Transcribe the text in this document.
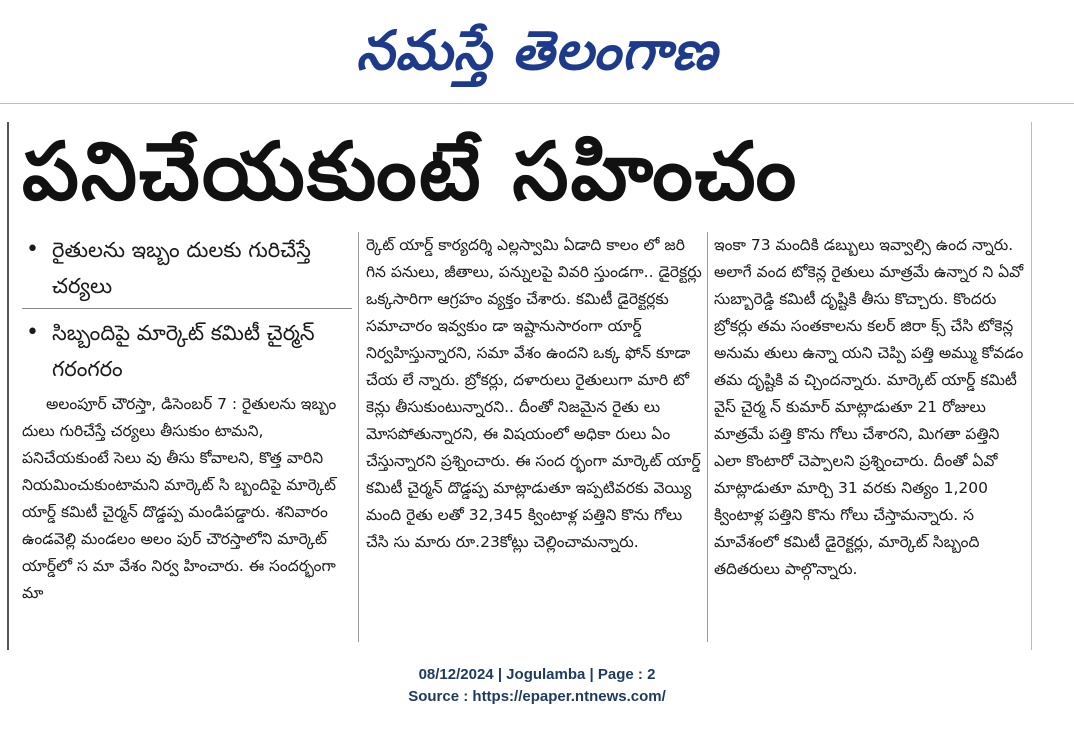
నమస్తే తెలంగాణ
పనిచేయకుంటే సహించం
• రైతులను ఇబ్బం దులకు గురిచేస్తే చర్యలు
• సిబ్బందిపై మార్కెట్ కమిటీ చైర్మన్ గరంగరం
అలంపూర్ చౌరస్తా, డిసెంబర్ 7 : రైతులను ఇబ్బం దులు గురిచేస్తే చర్యలు తీసుకుం టామని, పనిచేయకుంటే సెలు వు తీసు కోవాలని, కొత్త వారిని నియమించుకుంటామని మార్కెట్ సి బ్బందిపై మార్కెట్ యార్డ్ కమిటీ చైర్మన్ దొడ్డప్ప మండిపడ్డారు. శనివారం ఉండవెల్లి మండలం అలం పుర్ చౌరస్తాలోని మార్కెట్ యార్డ్‌లో స మా వేశం నిర్వ హించారు. ఈ సందర్భంగా మా
ర్కెట్ యార్డ్ కార్యదర్శి ఎల్లస్వామి ఏడాది కాలం లో జరి గిన పనులు, జీతాలు, పన్నులపై వివరి స్తుండగా.. డైరెక్టర్లు ఒక్కసారిగా ఆగ్రహం వ్యక్తం చేశారు. కమిటీ డైరెక్టర్లకు సమాచారం ఇవ్వకుం డా ఇష్టానుసారంగా యార్డ్ నిర్వహిస్తున్నారని, సమా వేశం ఉందని ఒక్క ఫోన్ కూడా చేయ లే న్నారు. బ్రోకర్లు, దళారులు రైతులుగా మారి టో కెన్లు తీసుకుంటున్నారని.. దీంతో నిజమైన రైతు లు మోసపోతున్నారని, ఈ విషయంలో అధికా రులు ఏం చేస్తున్నారని ప్రశ్నించారు. ఈ సంద ర్భంగా మార్కెట్ యార్డ్ కమిటీ చైర్మన్ దొడ్డప్ప మాట్లాడుతూ ఇప్పటివరకు వెయ్యి మంది రైతు లతో 32,345 క్వింటాళ్ల పత్తిని కొను గోలు చేసి సు మారు రూ.23కోట్లు చెల్లించామన్నారు.
ఇంకా 73 మందికి డబ్బులు ఇవ్వాల్సి ఉంద న్నారు. అలాగే వంద టోకెన్ల రైతులు మాత్రమే ఉన్నార ని ఏవో సుబ్బారెడ్డి కమిటీ దృష్టికి తీసు కొచ్చారు. కొందరు బ్రోకర్లు తమ సంతకాలను కలర్ జిరా క్స్ చేసి టోకెన్ల అనుమ తులు ఉన్నా యని చెప్పి పత్తి అమ్ము కోవడం తమ దృష్టికి వ చ్చిందన్నారు. మార్కెట్ యార్డ్ కమిటీ వైస్ చైర్మ న్ కుమార్ మాట్లాడుతూ 21 రోజులు మాత్రమే పత్తి కొను గోలు చేశారని, మిగతా పత్తిని ఎలా కొంటారో చెప్పాలని ప్రశ్నించారు. దీంతో ఏవో మాట్లాడుతూ మార్చి 31 వరకు నిత్యం 1,200 క్వింటాళ్ల పత్తిని కొను గోలు చేస్తామన్నారు. స మావేశంలో కమిటీ డైరెక్టర్లు, మార్కెట్ సిబ్బంది తదితరులు పాల్గొన్నారు.
08/12/2024 | Jogulamba | Page : 2
Source : https://epaper.ntnews.com/
